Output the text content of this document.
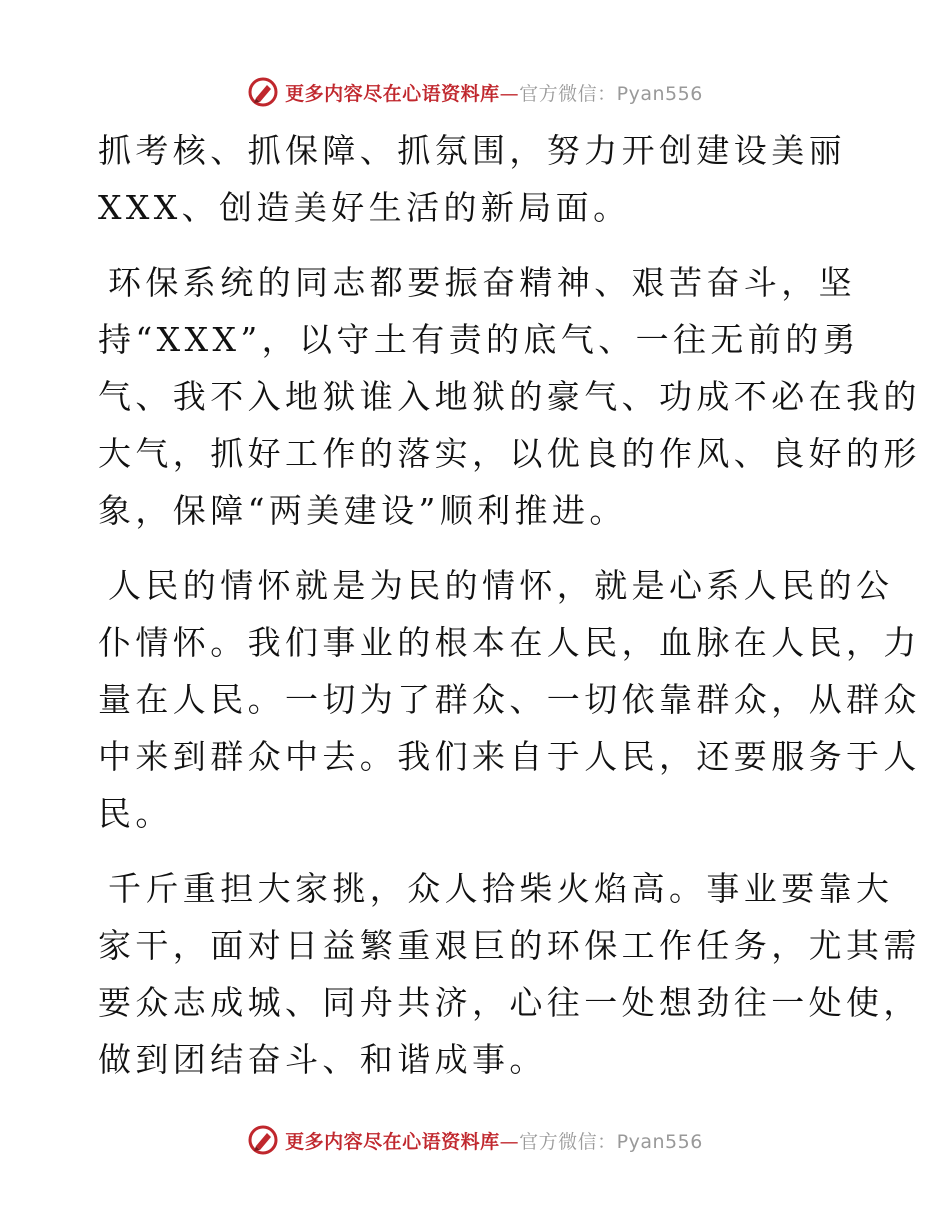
更多内容尽在心语资料库—官方微信：Pyan556
抓考核、抓保障、抓氛围，努力开创建设美丽
XXX、创造美好生活的新局面。
环保系统的同志都要振奋精神、艰苦奋斗，坚
持“XXX”，以守土有责的底气、一往无前的勇
气、我不入地狱谁入地狱的豪气、功成不必在我的
大气，抓好工作的落实，以优良的作风、良好的形
象，保障“两美建设”顺利推进。
人民的情怀就是为民的情怀，就是心系人民的公
仆情怀。我们事业的根本在人民，血脉在人民，力
量在人民。一切为了群众、一切依靠群众，从群众
中来到群众中去。我们来自于人民，还要服务于人
民。
千斤重担大家挑，众人拾柴火焰高。事业要靠大
家干，面对日益繁重艰巨的环保工作任务，尤其需
要众志成城、同舟共济，心往一处想劲往一处使，
做到团结奋斗、和谐成事。
更多内容尽在心语资料库—官方微信：Pyan556
